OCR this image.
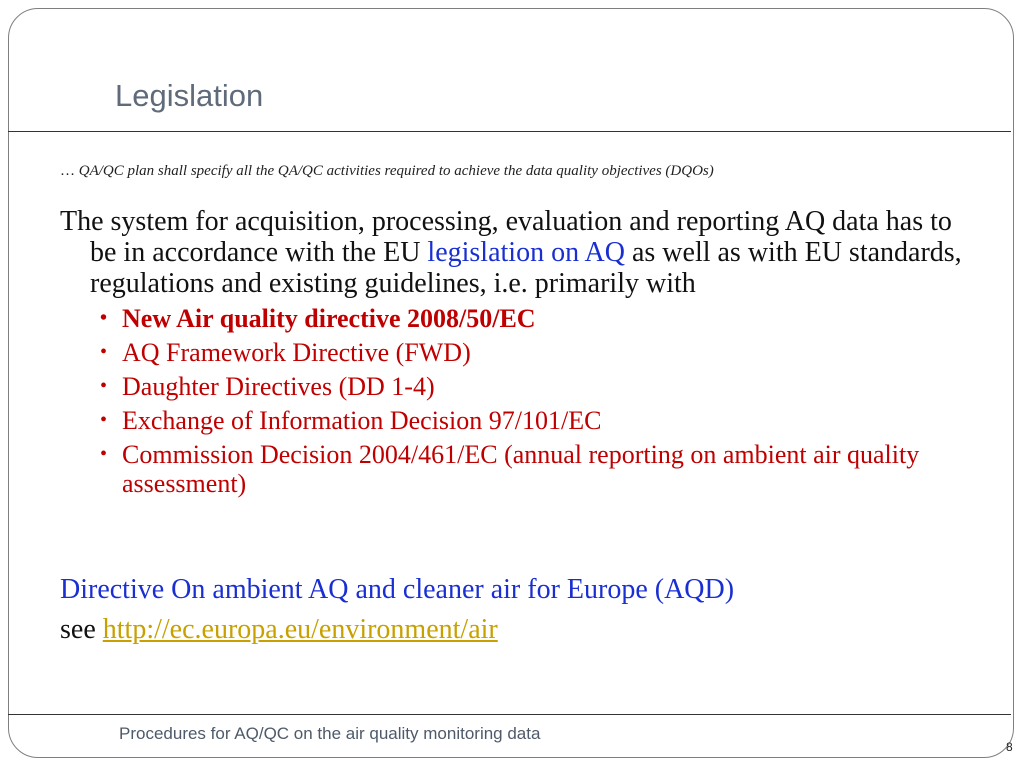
Legislation
… QA/QC plan shall specify all the QA/QC activities required to achieve the data quality objectives (DQOs)

The system for acquisition, processing, evaluation and reporting AQ data has to be in accordance with the EU legislation on AQ as well as with EU standards, regulations and existing guidelines, i.e. primarily with

• New Air quality directive 2008/50/EC
• AQ Framework Directive (FWD)
• Daughter Directives (DD 1-4)
• Exchange of Information Decision 97/101/EC
• Commission Decision 2004/461/EC (annual reporting on ambient air quality assessment)
Directive On ambient AQ and cleaner air for Europe (AQD)
see http://ec.europa.eu/environment/air
Procedures for AQ/QC on the air quality monitoring data
8
